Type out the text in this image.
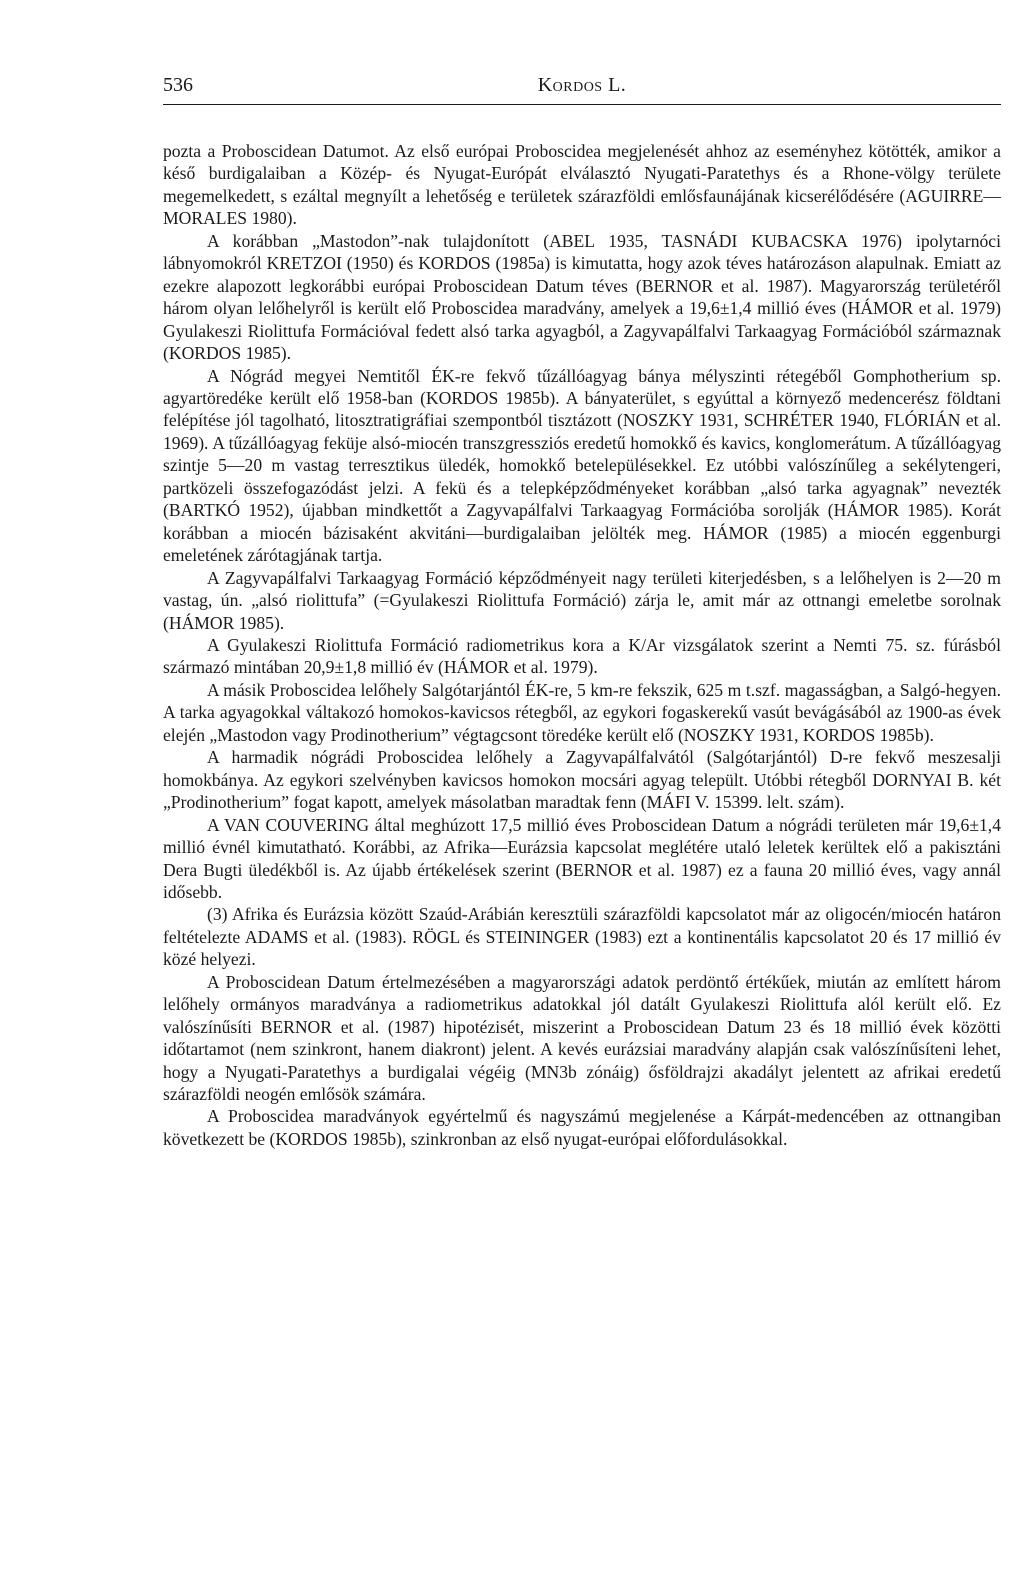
536	Kordos L.

pozta a Proboscidean Datumot. Az első európai Proboscidea megjelenését ahhoz az eseményhez kötötték, amikor a késő burdigalaiban a Közép- és Nyugat-Európát elválasztó Nyugati-Paratethys és a Rhone-völgy területe megemelkedett, s ezáltal megnyílt a lehetőség e területek szárazföldi emlősfaunájának kicserélődésére (AGUIRRE—MORALES 1980).

A korábban „Mastodon”-nak tulajdonított (ABEL 1935, TASNÁDI KUBACSKA 1976) ipolytarnóci lábnyomokról KRETZOI (1950) és KORDOS (1985a) is kimutatta, hogy azok téves határozáson alapulnak. Emiatt az ezekre alapozott legkorábbi európai Proboscidean Datum téves (BERNOR et al. 1987). Magyarország területéről három olyan lelőhelyről is került elő Proboscidea maradvány, amelyek a 19,6±1,4 millió éves (HÁMOR et al. 1979) Gyulakeszi Riolittufa Formációval fedett alsó tarka agyagból, a Zagyvapálfalvi Tarkaagyag Formációból származnak (KORDOS 1985).

A Nógrád megyei Nemtitől ÉK-re fekvő tűzállóagyag bánya mélyszinti rétegéből Gomphotherium sp. agyartöredéke került elő 1958-ban (KORDOS 1985b). A bányaterület, s egyúttal a környező medencerész földtani felépítése jól tagolható, litosztratigráfiai szempontból tisztázott (NOSZKY 1931, SCHRÉTER 1940, FLÓRIÁN et al. 1969). A tűzállóagyag feküje alsó-miocén transzgressziós eredetű homokkő és kavics, konglomerátum. A tűzállóagyag szintje 5—20 m vastag terresztikus üledék, homokkő betelepülésekkel. Ez utóbbi valószínűleg a sekélytengeri, partközeli összefogazódást jelzi. A fekü és a telepképződményeket korábban „alsó tarka agyagnak” nevezték (BARTKÓ 1952), újabban mindkettőt a Zagyvapálfalvi Tarkaagyag Formációba sorolják (HÁMOR 1985). Korát korábban a miocén bázisaként akvitáni—burdigalaiban jelölték meg. HÁMOR (1985) a miocén eggenburgi emeletének zárótagjának tartja.

A Zagyvapálfalvi Tarkaagyag Formáció képződményeit nagy területi kiterjedésben, s a lelőhelyen is 2—20 m vastag, ún. „alsó riolittufa” (=Gyulakeszi Riolittufa Formáció) zárja le, amit már az ottnangi emeletbe sorolnak (HÁMOR 1985).

A Gyulakeszi Riolittufa Formáció radiometrikus kora a K/Ar vizsgálatok szerint a Nemti 75. sz. fúrásból származó mintában 20,9±1,8 millió év (HÁMOR et al. 1979).

A másik Proboscidea lelőhely Salgótarjántól ÉK-re, 5 km-re fekszik, 625 m t.szf. magasságban, a Salgó-hegyen. A tarka agyagokkal váltakozó homokos-kavicsos rétegből, az egykori fogaskerekű vasút bevágásából az 1900-as évek elején „Mastodon vagy Prodinotherium” végtagcsont töredéke került elő (NOSZKY 1931, KORDOS 1985b).

A harmadik nógrádi Proboscidea lelőhely a Zagyvapálfalvától (Salgótarjántól) D-re fekvő meszesalji homokbánya. Az egykori szelvényben kavicsos homokon mocsári agyag települt. Utóbbi rétegből DORNYAI B. két „Prodinotherium” fogat kapott, amelyek másolatban maradtak fenn (MÁFI V. 15399. lelt. szám).

A VAN COUVERING által meghúzott 17,5 millió éves Proboscidean Datum a nógrádi területen már 19,6±1,4 millió évnél kimutatható. Korábbi, az Afrika—Eurázsia kapcsolat meglétére utaló leletek kerültek elő a pakisztáni Dera Bugti üledékből is. Az újabb értékelések szerint (BERNOR et al. 1987) ez a fauna 20 millió éves, vagy annál idősebb.

(3) Afrika és Eurázsia között Szaúd-Arábián keresztüli szárazföldi kapcsolatot már az oligocén/miocén határon feltételezte ADAMS et al. (1983). RÖGL és STEININGER (1983) ezt a kontinentális kapcsolatot 20 és 17 millió év közé helyezi.

A Proboscidean Datum értelmezésében a magyarországi adatok perdöntő értékűek, miután az említett három lelőhely ormányos maradványa a radiometrikus adatokkal jól datált Gyulakeszi Riolittufa alól került elő. Ez valószínűsíti BERNOR et al. (1987) hipotézisét, miszerint a Proboscidean Datum 23 és 18 millió évek közötti időtartamot (nem szinkront, hanem diakront) jelent. A kevés eurázsiai maradvány alapján csak valószínűsíteni lehet, hogy a Nyugati-Paratethys a burdigalai végéig (MN3b zónáig) ősföldrajzi akadályt jelentett az afrikai eredetű szárazföldi neogén emlősök számára.

A Proboscidea maradványok egyértelmű és nagyszámú megjelenése a Kárpát-medencében az ottnangiban következett be (KORDOS 1985b), szinkronban az első nyugat-európai előfordulásokkal.
